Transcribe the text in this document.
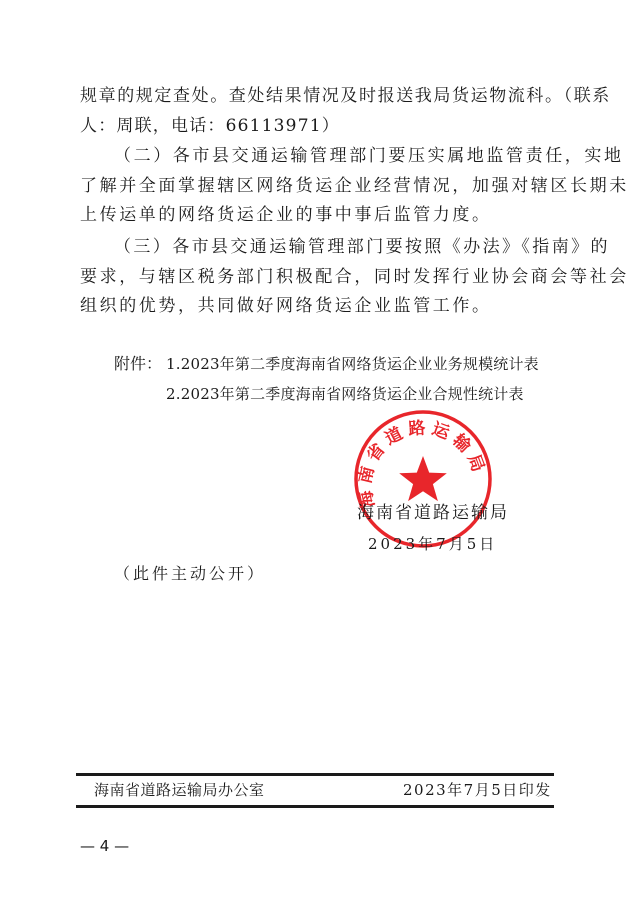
规章的规定查处。查处结果情况及时报送我局货运物流科。（联系
人：周联，电话：66113971）
（二）各市县交通运输管理部门要压实属地监管责任，实地
了解并全面掌握辖区网络货运企业经营情况，加强对辖区长期未
上传运单的网络货运企业的事中事后监管力度。
（三）各市县交通运输管理部门要按照《办法》《指南》的
要求，与辖区税务部门积极配合，同时发挥行业协会商会等社会
组织的优势，共同做好网络货运企业监管工作。
附件： 1.2023年第二季度海南省网络货运企业业务规模统计表
2.2023年第二季度海南省网络货运企业合规性统计表
海南省道路运输局
海南省道路运输局
2023年7月5日
（此件主动公开）
海南省道路运输局办公室	2023年7月5日印发
— 4 —
